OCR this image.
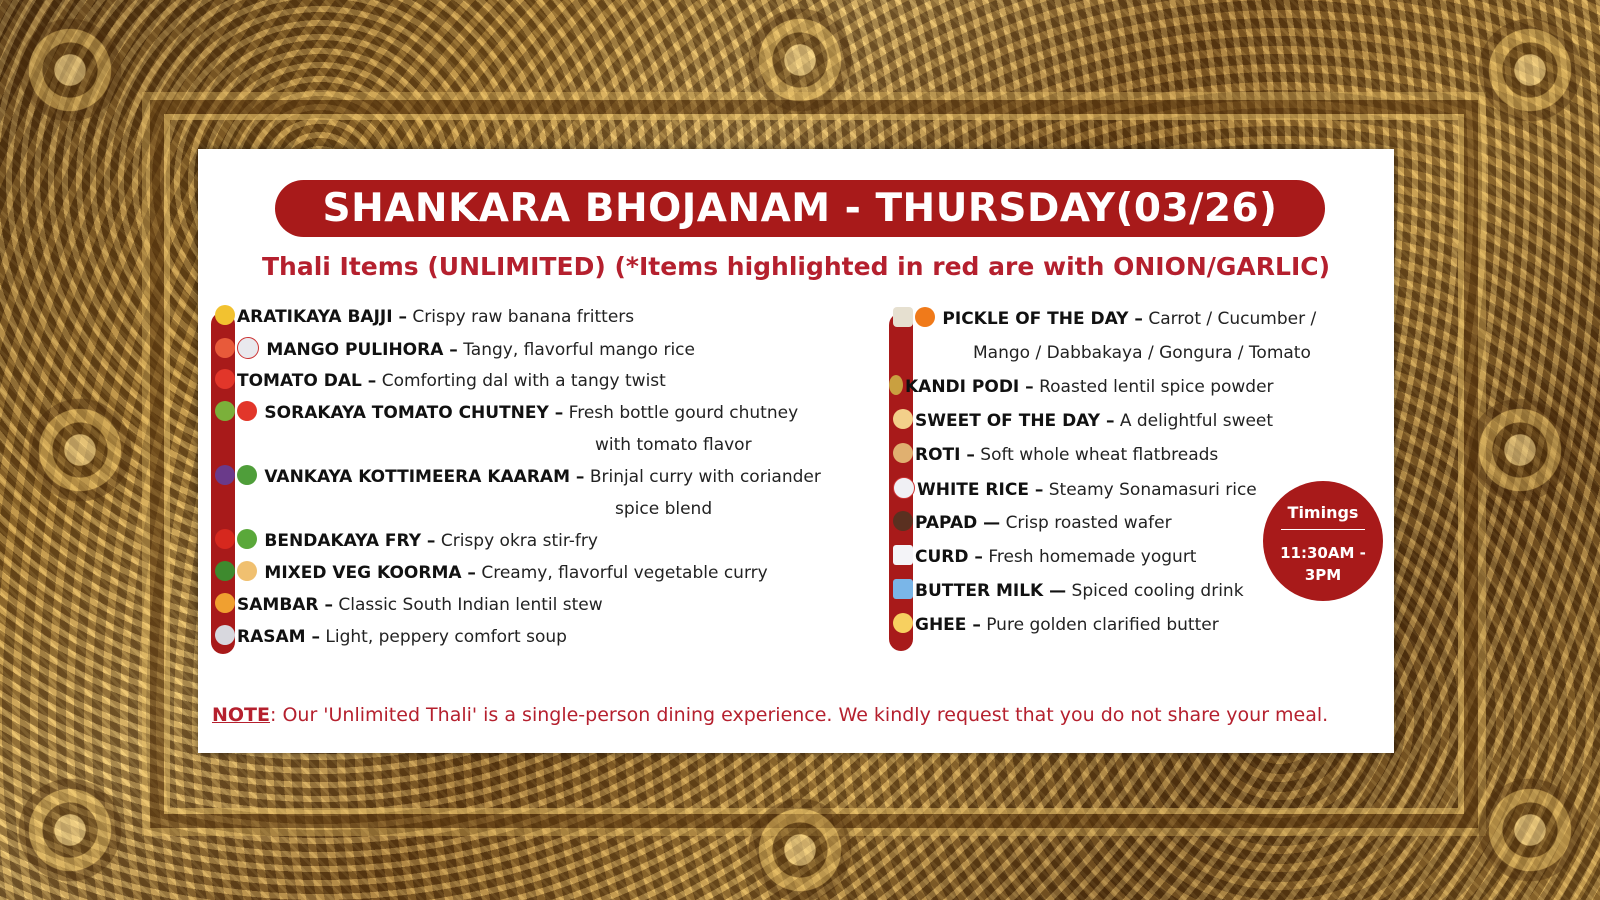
SHANKARA BHOJANAM - THURSDAY(03/26)
Thali Items (UNLIMITED) (*Items highlighted in red are with ONION/GARLIC)
ARATIKAYA BAJJI – Crispy raw banana fritters
MANGO PULIHORA – Tangy, flavorful mango rice
TOMATO DAL – Comforting dal with a tangy twist
SORAKAYA TOMATO CHUTNEY – Fresh bottle gourd chutney
with tomato flavor
VANKAYA KOTTIMEERA KAARAM – Brinjal curry with coriander
spice blend
BENDAKAYA FRY – Crispy okra stir-fry
MIXED VEG KOORMA – Creamy, flavorful vegetable curry
SAMBAR – Classic South Indian lentil stew
RASAM – Light, peppery comfort soup
PICKLE OF THE DAY – Carrot / Cucumber /
Mango / Dabbakaya / Gongura / Tomato
KANDI PODI – Roasted lentil spice powder
SWEET OF THE DAY – A delightful sweet
ROTI – Soft whole wheat flatbreads
WHITE RICE – Steamy Sonamasuri rice
PAPAD — Crisp roasted wafer
CURD – Fresh homemade yogurt
BUTTER MILK — Spiced cooling drink
GHEE – Pure golden clarified butter
Timings
11:30AM -
3PM
NOTE: Our 'Unlimited Thali' is a single-person dining experience. We kindly request that you do not share your meal.
